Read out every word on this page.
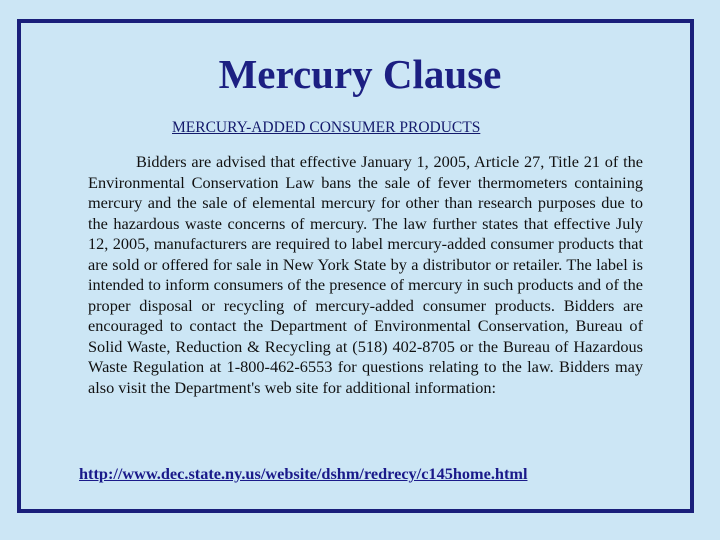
Mercury Clause
MERCURY-ADDED CONSUMER PRODUCTS

Bidders are advised that effective January 1, 2005, Article 27, Title 21 of the Environmental Conservation Law bans the sale of fever thermometers containing mercury and the sale of elemental mercury for other than research purposes due to the hazardous waste concerns of mercury. The law further states that effective July 12, 2005, manufacturers are required to label mercury-added consumer products that are sold or offered for sale in New York State by a distributor or retailer. The label is intended to inform consumers of the presence of mercury in such products and of the proper disposal or recycling of mercury-added consumer products. Bidders are encouraged to contact the Department of Environmental Conservation, Bureau of Solid Waste, Reduction & Recycling at (518) 402-8705 or the Bureau of Hazardous Waste Regulation at 1-800-462-6553 for questions relating to the law. Bidders may also visit the Department's web site for additional information:

http://www.dec.state.ny.us/website/dshm/redrecy/c145home.html
